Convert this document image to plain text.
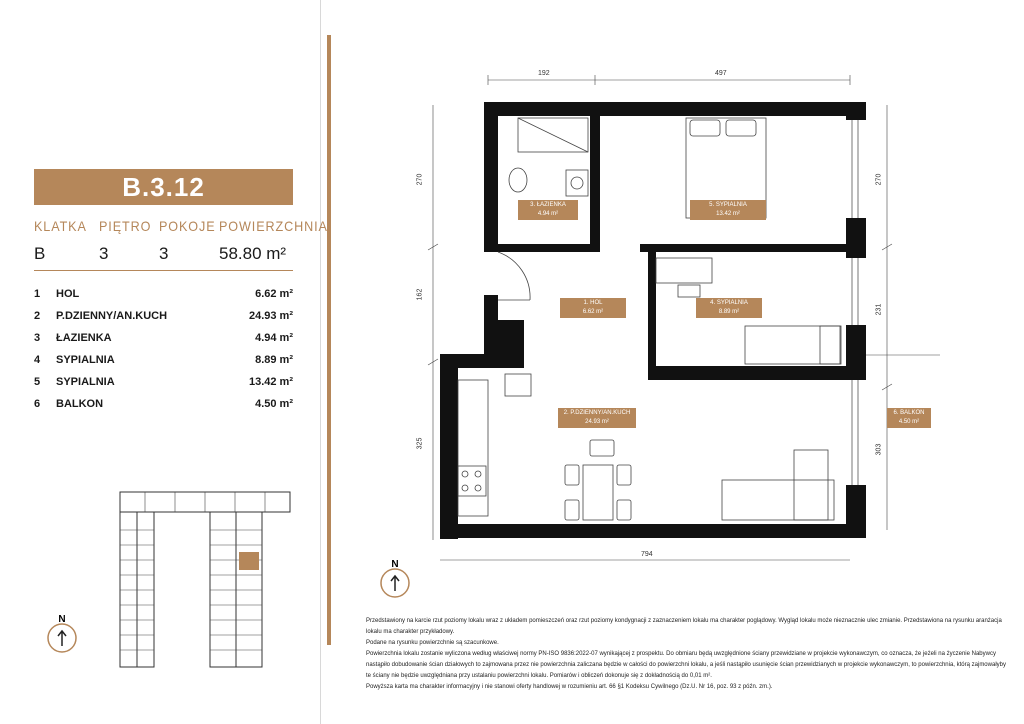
B.3.12
KLATKA PIĘTRO POKOJE POWIERZCHNIA
B	3	3	58.80 m²
1 HOL	6.62 m²
2 P.DZIENNY/AN.KUCH	24.93 m²
3 ŁAZIENKA	4.94 m²
4 SYPIALNIA	8.89 m²
5 SYPIALNIA	13.42 m²
6 BALKON	4.50 m²
N
N
192	497
270
162
325
270
231
303
794
3. ŁAZIENKA
4.94 m²
5. SYPIALNIA
13.42 m²
1. HOL
6.62 m²
4. SYPIALNIA
8.89 m²
2. P.DZIENNY/AN.KUCH
24.93 m²
6. BALKON
4.50 m²

Przedstawiony na karcie rzut poziomy lokalu wraz z układem pomieszczeń oraz rzut poziomy kondygnacji z zaznaczeniem lokalu ma charakter poglądowy. Wygląd lokalu może nieznacznie ulec zmianie. Przedstawiona na rysunku aranżacja lokalu ma charakter przykładowy.

Podane na rysunku powierzchnie są szacunkowe.

Powierzchnia lokalu zostanie wyliczona według właściwej normy PN-ISO 9836:2022-07 wynikającej z prospektu. Do obmiaru będą uwzględnione ściany przewidziane w projekcie wykonawczym, co oznacza, że jeżeli na życzenie Nabywcy nastąpiło dobudowanie ścian działowych to zajmowana przez nie powierzchnia zaliczana będzie w całości do powierzchni lokalu, a jeśli nastąpiło usunięcie ścian przewidzianych w projekcie wykonawczym, to powierzchnia, którą zajmowałyby te ściany nie będzie uwzględniana przy ustalaniu powierzchni lokalu. Pomiarów i obliczeń dokonuje się z dokładnością do 0,01 m².

Powyższa karta ma charakter informacyjny i nie stanowi oferty handlowej w rozumieniu art. 66 §1 Kodeksu Cywilnego (Dz.U. Nr 16, poz. 93 z późn. zm.).
